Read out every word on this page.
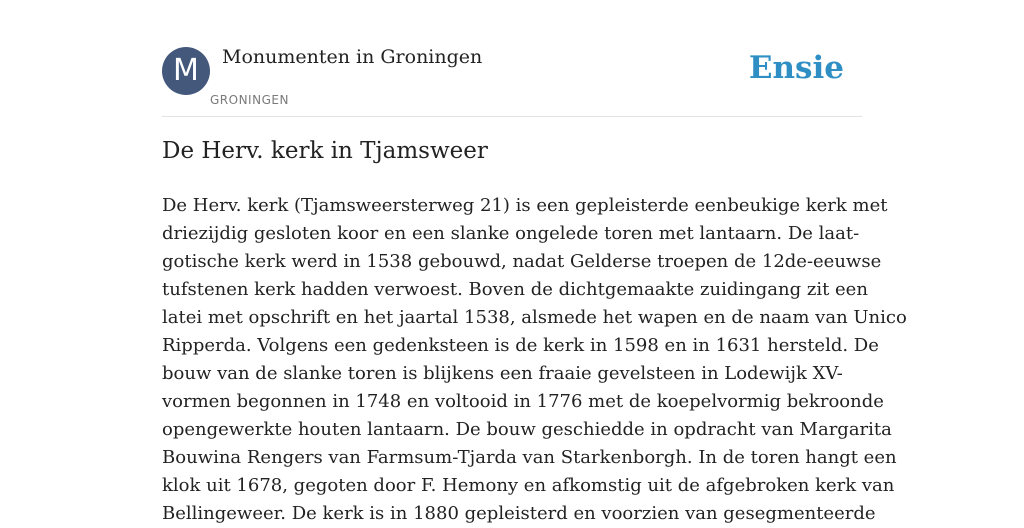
M	Monumenten in Groningen
GRONINGEN
Ensie
De Herv. kerk in Tjamsweer
De Herv. kerk (Tjamsweersterweg 21) is een gepleisterde eenbeukige kerk met
driezijdig gesloten koor en een slanke ongelede toren met lantaarn. De laat-
gotische kerk werd in 1538 gebouwd, nadat Gelderse troepen de 12de-eeuwse
tufstenen kerk hadden verwoest. Boven de dichtgemaakte zuidingang zit een
latei met opschrift en het jaartal 1538, alsmede het wapen en de naam van Unico
Ripperda. Volgens een gedenksteen is de kerk in 1598 en in 1631 hersteld. De
bouw van de slanke toren is blijkens een fraaie gevelsteen in Lodewijk XV-
vormen begonnen in 1748 en voltooid in 1776 met de koepelvormig bekroonde
opengewerkte houten lantaarn. De bouw geschiedde in opdracht van Margarita
Bouwina Rengers van Farmsum-Tjarda van Starkenborgh. In de toren hangt een
klok uit 1678, gegoten door F. Hemony en afkomstig uit de afgebroken kerk van
Bellingeweer. De kerk is in 1880 gepleisterd en voorzien van gesegmenteerde
